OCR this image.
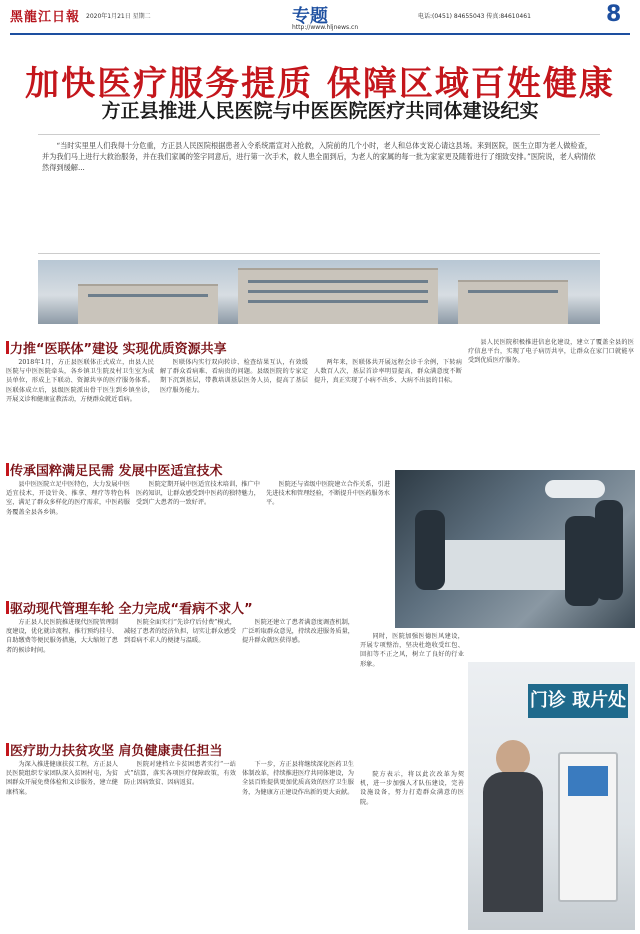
黑龍江日報 2020年1月21日 星期二	专题
http://www.hljnews.cn
电话:(0451) 84655043 传真:84610461	8
加快医疗服务提质 保障区域百姓健康
方正县推进人民医院与中医医院医疗共同体建设纪实
“当时实里里人们我得十分危重，方正县人民医院根据患者入令系统需宣对入抢救，入院前的几个小时，老人和总体支说心请这县场。来到医院，医生立即为老人做检查，并为我们马上进行大救治服务，并在我们家属的签字同意后，进行第一次手术，救人患全面到后，为老人的家属的每一批为家家更及随着进行了细致安排。”医院说，老人病情依然得到缓解...
力推“医联体”建设 实现优质资源共享
2018年1月，方正县医联体正式成立，由县人民医院与中医医院牵头，各乡镇卫生院及村卫生室为成员单位，形成上下联动、资源共享的医疗服务体系。医联体成立后，县级医院派出骨干医生到乡镇坐诊，开展义诊和健康宣教活动，方便群众就近看病。
医联体内实行双向转诊、检查结果互认，有效缓解了群众看病难、看病贵的问题。县级医院的专家定期下沉到基层，带教培训基层医务人员，提高了基层医疗服务能力。
两年来，医联体共开展远程会诊千余例，下转病人数百人次，基层首诊率明显提高，群众满意度不断提升，真正实现了小病不出乡、大病不出县的目标。
县人民医院积极推进信息化建设，建立了覆盖全县的医疗信息平台，实现了电子病历共享，让群众在家门口就能享受到优质医疗服务。
传承国粹满足民需 发展中医适宜技术
县中医医院立足中医特色，大力发展中医适宜技术，开设针灸、推拿、理疗等特色科室，满足了群众多样化的医疗需求，中医药服务覆盖全县各乡镇。
医院定期开展中医适宜技术培训，推广中医药知识，让群众感受到中医药的独特魅力，受到广大患者的一致好评。
医院还与省级中医院建立合作关系，引进先进技术和管理经验，不断提升中医药服务水平。
驱动现代管理车轮 全力完成“看病不求人”
方正县人民医院推进现代医院管理制度建设，优化就诊流程，推行预约挂号、自助缴费等便民服务措施，大大缩短了患者的候诊时间。
医院全面实行“先诊疗后付费”模式，减轻了患者的经济负担，切实让群众感受到看病不求人的便捷与温暖。
医院还建立了患者满意度调查机制，广泛听取群众意见，持续改进服务质量，提升群众就医获得感。
同时，医院加强医德医风建设，开展专项整治，坚决杜绝收受红包、回扣等不正之风，树立了良好的行业形象。
医疗助力扶贫攻坚 肩负健康责任担当
为深入推进健康扶贫工程，方正县人民医院组织专家团队深入贫困村屯，为贫困群众开展免费体检和义诊服务，建立健康档案。
医院对建档立卡贫困患者实行“一站式”结算，落实各项医疗保障政策，有效防止因病致贫、因病返贫。
下一步，方正县将继续深化医药卫生体制改革，持续推进医疗共同体建设，为全县百姓提供更加优质高效的医疗卫生服务，为健康方正建设作出新的更大贡献。
院方表示，将以此次改革为契机，进一步加强人才队伍建设，完善设施设备，努力打造群众满意的医院。
门诊 取片处
